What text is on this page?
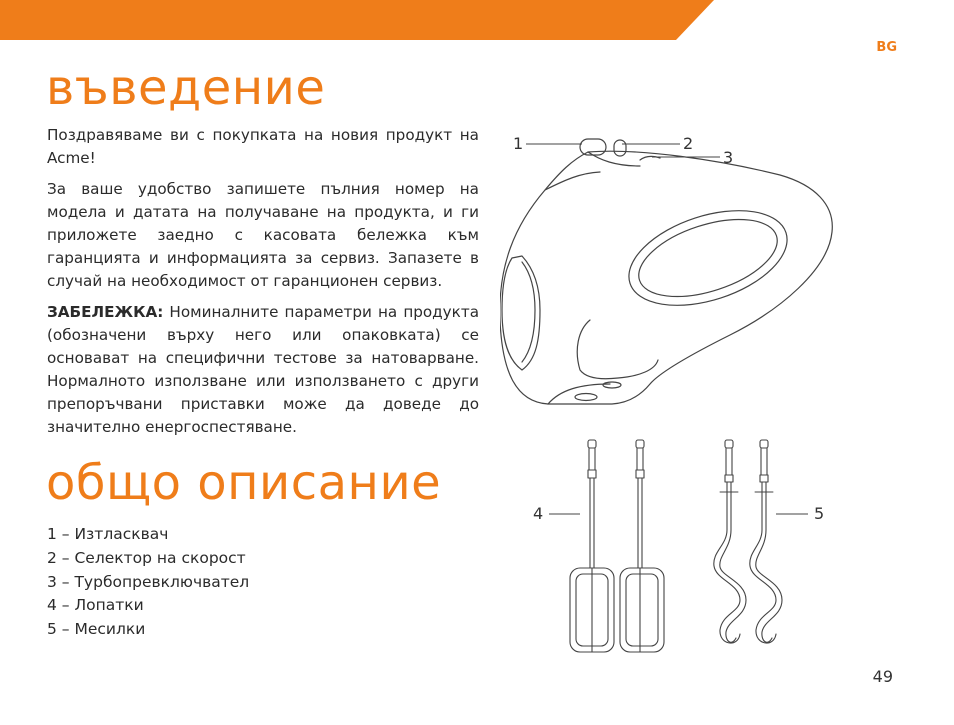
BG
въведение

Поздравяваме ви с покупката на новия продукт на Acme!

За ваше удобство запишете пълния номер на модела и датата на получаване на продукта, и ги приложете заедно с касовата бележка към гаранцията и информацията за сервиз. Запазете в случай на необходимост от гаранционен сервиз.

ЗАБЕЛЕЖКА: Номиналните параметри на продукта (обозначени върху него или опаковката) се основават на специфични тестове за натоварване. Нормалното използване или използването с други препоръчвани приставки може да доведе до значително енергоспестяване.

общо описание
1 – Изтласквач
2 – Селектор на скорост
3 – Турбопревключвател
4 – Лопатки
5 – Месилки
1	2
3
4	5
49
